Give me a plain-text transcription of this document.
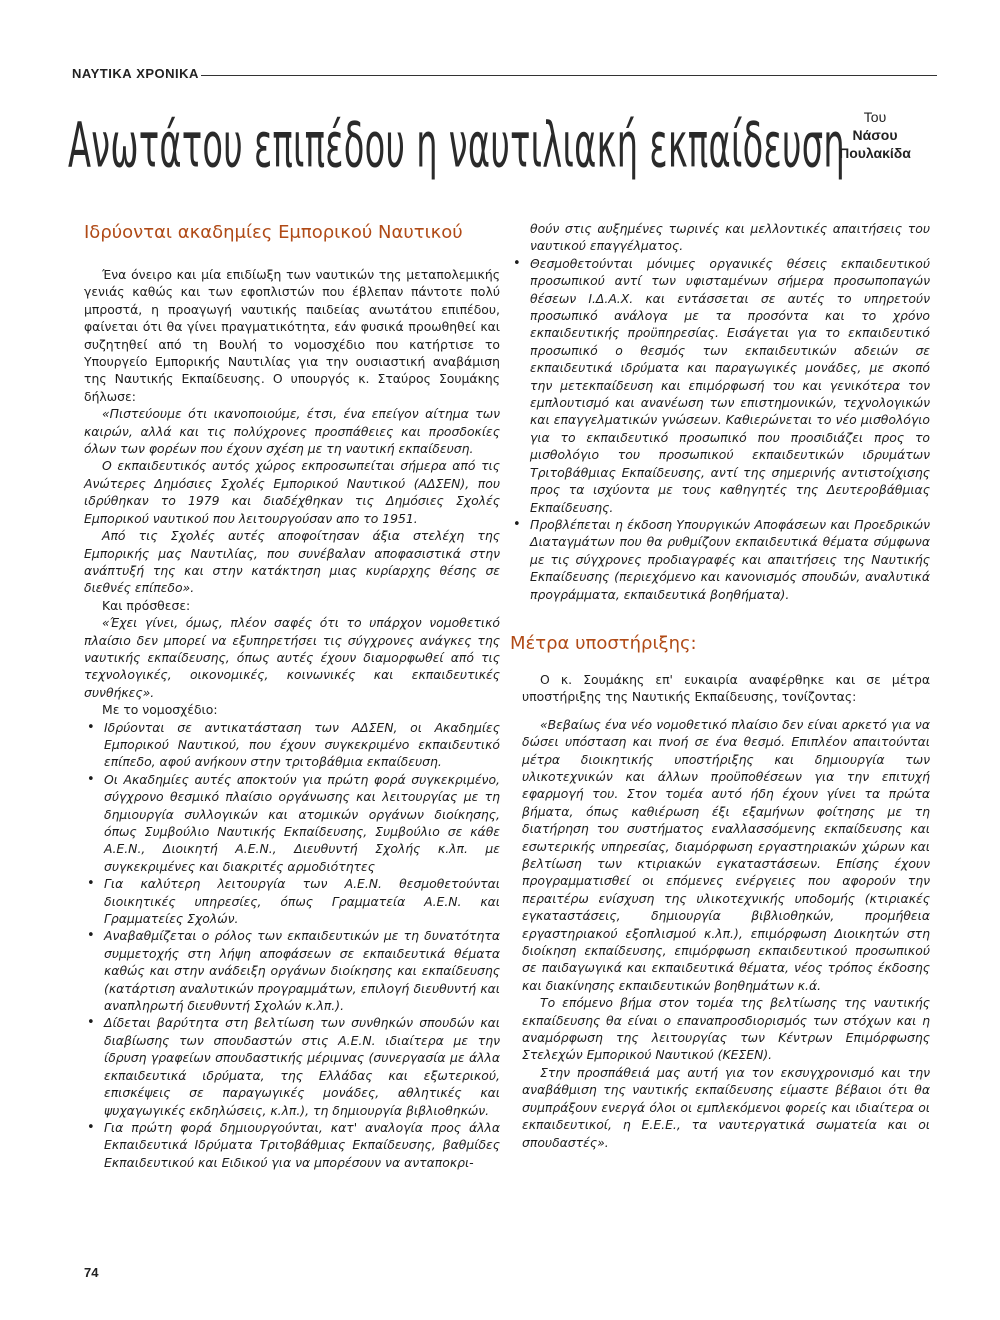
ΝΑΥΤΙΚΑ ΧΡΟΝΙΚΑ
Ανωτάτου επιπέδου η ναυτιλιακή εκπαίδευση	Του
Νάσου
Πουλακίδα
Ιδρύονται ακαδημίες Εμπορικού Ναυτικού

Ένα όνειρο και μία επιδίωξη των ναυτικών της μεταπολεμικής γενιάς καθώς και των εφοπλιστών που έβλεπαν πάντοτε πολύ μπροστά, η προαγωγή ναυτικής παιδείας ανωτάτου επιπέδου, φαίνεται ότι θα γίνει πραγματικότητα, εάν φυσικά προωθηθεί και συζητηθεί από τη Βουλή το νομοσχέδιο που κατήρτισε το Υπουργείο Εμπορικής Ναυτιλίας για την ουσιαστική αναβάμιση της Ναυτικής Εκπαίδευσης. Ο υπουργός κ. Σταύρος Σουμάκης δήλωσε:

«Πιστεύουμε ότι ικανοποιούμε, έτσι, ένα επείγον αίτημα των καιρών, αλλά και τις πολύχρονες προσπάθειες και προσδοκίες όλων των φορέων που έχουν σχέση με τη ναυτική εκπαίδευση.

Ο εκπαιδευτικός αυτός χώρος εκπροσωπείται σήμερα από τις Ανώτερες Δημόσιες Σχολές Εμπορικού Ναυτικού (ΑΔΣΕΝ), που ιδρύθηκαν το 1979 και διαδέχθηκαν τις Δημόσιες Σχολές Εμπορικού ναυτικού που λειτουργούσαν απο το 1951.

Από τις Σχολές αυτές αποφοίτησαν άξια στελέχη της Εμπορικής μας Ναυτιλίας, που συνέβαλαν αποφασιστικά στην ανάπτυξή της και στην κατάκτηση μιας κυρίαρχης θέσης σε διεθνές επίπεδο».

Και πρόσθεσε:

«Έχει γίνει, όμως, πλέον σαφές ότι το υπάρχον νομοθετικό πλαίσιο δεν μπορεί να εξυπηρετήσει τις σύγχρονες ανάγκες της ναυτικής εκπαίδευσης, όπως αυτές έχουν διαμορφωθεί από τις τεχνολογικές, οικονομικές, κοινωνικές και εκπαιδευτικές συνθήκες».

Με το νομοσχέδιο:

• Ιδρύονται σε αντικατάσταση των ΑΔΣΕΝ, οι Ακαδημίες Εμπορικού Ναυτικού, που έχουν συγκεκριμένο εκπαιδευτικό επίπεδο, αφού ανήκουν στην τριτοβάθμια εκπαίδευση.
• Οι Ακαδημίες αυτές αποκτούν για πρώτη φορά συγκεκριμένο, σύγχρονο θεσμικό πλαίσιο οργάνωσης και λειτουργίας με τη δημιουργία συλλογικών και ατομικών οργάνων διοίκησης, όπως Συμβούλιο Ναυτικής Εκπαίδευσης, Συμβούλιο σε κάθε Α.Ε.Ν., Διοικητή Α.Ε.Ν., Διευθυντή Σχολής κ.λπ. με συγκεκριμένες και διακριτές αρμοδιότητες
• Για καλύτερη λειτουργία των Α.Ε.Ν. θεσμοθετούνται διοικητικές υπηρεσίες, όπως Γραμματεία Α.Ε.Ν. και Γραμματείες Σχολών.
• Αναβαθμίζεται ο ρόλος των εκπαιδευτικών με τη δυνατότητα συμμετοχής στη λήψη αποφάσεων σε εκπαιδευτικά θέματα καθώς και στην ανάδειξη οργάνων διοίκησης και εκπαίδευσης (κατάρτιση αναλυτικών προγραμμάτων, επιλογή διευθυντή και αναπληρωτή διευθυντή Σχολών κ.λπ.).
• Δίδεται βαρύτητα στη βελτίωση των συνθηκών σπουδών και διαβίωσης των σπουδαστών στις Α.Ε.Ν. ιδιαίτερα με την ίδρυση γραφείων σπουδαστικής μέριμνας (συνεργασία με άλλα εκπαιδευτικά ιδρύματα, της Ελλάδας και εξωτερικού, επισκέψεις σε παραγωγικές μονάδες, αθλητικές και ψυχαγωγικές εκδηλώσεις, κ.λπ.), τη δημιουργία βιβλιοθηκών.
• Για πρώτη φορά δημιουργούνται, κατ' αναλογία προς άλλα Εκπαιδευτικά Ιδρύματα Τριτοβάθμιας Εκπαίδευσης, βαθμίδες Εκπαιδευτικού και Ειδικού για να μπορέσουν να ανταποκρι-

θούν στις αυξημένες τωρινές και μελλοντικές απαιτήσεις του ναυτικού επαγγέλματος.

• Θεσμοθετούνται μόνιμες οργανικές θέσεις εκπαιδευτικού προσωπικού αντί των υφισταμένων σήμερα προσωποπαγών θέσεων Ι.Δ.Α.Χ. και εντάσσεται σε αυτές το υπηρετούν προσωπικό ανάλογα με τα προσόντα και το χρόνο εκπαιδευτικής προϋπηρεσίας. Εισάγεται για το εκπαιδευτικό προσωπικό ο θεσμός των εκπαιδευτικών αδειών σε εκπαιδευτικά ιδρύματα και παραγωγικές μονάδες, με σκοπό την μετεκπαίδευση και επιμόρφωσή του και γενικότερα τον εμπλουτισμό και ανανέωση των επιστημονικών, τεχνολογικών και επαγγελματικών γνώσεων. Καθιερώνεται το νέο μισθολόγιο για το εκπαιδευτικό προσωπικό που προσιδιάζει προς το μισθολόγιο του προσωπικού εκπαιδευτικών ιδρυμάτων Τριτοβάθμιας Εκπαίδευσης, αντί της σημερινής αντιστοίχισης προς τα ισχύοντα με τους καθηγητές της Δευτεροβάθμιας Εκπαίδευσης.
• Προβλέπεται η έκδοση Υπουργικών Αποφάσεων και Προεδρικών Διαταγμάτων που θα ρυθμίζουν εκπαιδευτικά θέματα σύμφωνα με τις σύγχρονες προδιαγραφές και απαιτήσεις της Ναυτικής Εκπαίδευσης (περιεχόμενο και κανονισμός σπουδών, αναλυτικά προγράμματα, εκπαιδευτικά βοηθήματα).
Μέτρα υποστήριξης:

Ο κ. Σουμάκης επ' ευκαιρία αναφέρθηκε και σε μέτρα υποστήριξης της Ναυτικής Εκπαίδευσης, τονίζοντας:

«Βεβαίως ένα νέο νομοθετικό πλαίσιο δεν είναι αρκετό για να δώσει υπόσταση και πνοή σε ένα θεσμό. Επιπλέον απαιτούνται μέτρα διοικητικής υποστήριξης και δημιουργία των υλικοτεχνικών και άλλων προϋποθέσεων για την επιτυχή εφαρμογή του. Στον τομέα αυτό ήδη έχουν γίνει τα πρώτα βήματα, όπως καθιέρωση έξι εξαμήνων φοίτησης με τη διατήρηση του συστήματος εναλλασσόμενης εκπαίδευσης και εσωτερικής υπηρεσίας, διαμόρφωση εργαστηριακών χώρων και βελτίωση των κτιριακών εγκαταστάσεων. Επίσης έχουν προγραμματισθεί οι επόμενες ενέργειες που αφορούν την περαιτέρω ενίσχυση της υλικοτεχνικής υποδομής (κτιριακές εγκαταστάσεις, δημιουργία βιβλιοθηκών, προμήθεια εργαστηριακού εξοπλισμού κ.λπ.), επιμόρφωση Διοικητών στη διοίκηση εκπαίδευσης, επιμόρφωση εκπαιδευτικού προσωπικού σε παιδαγωγικά και εκπαιδευτικά θέματα, νέος τρόπος έκδοσης και διακίνησης εκπαιδευτικών βοηθημάτων κ.ά.

Το επόμενο βήμα στον τομέα της βελτίωσης της ναυτικής εκπαίδευσης θα είναι ο επαναπροσδιορισμός των στόχων και η αναμόρφωση της λειτουργίας των Κέντρων Επιμόρφωσης Στελεχών Εμπορικού Ναυτικού (ΚΕΣΕΝ).

Στην προσπάθειά μας αυτή για τον εκσυγχρονισμό και την αναβάθμιση της ναυτικής εκπαίδευσης είμαστε βέβαιοι ότι θα συμπράξουν ενεργά όλοι οι εμπλεκόμενοι φορείς και ιδιαίτερα οι εκπαιδευτικοί, η Ε.Ε.Ε., τα ναυτεργατικά σωματεία και οι σπουδαστές».

74
